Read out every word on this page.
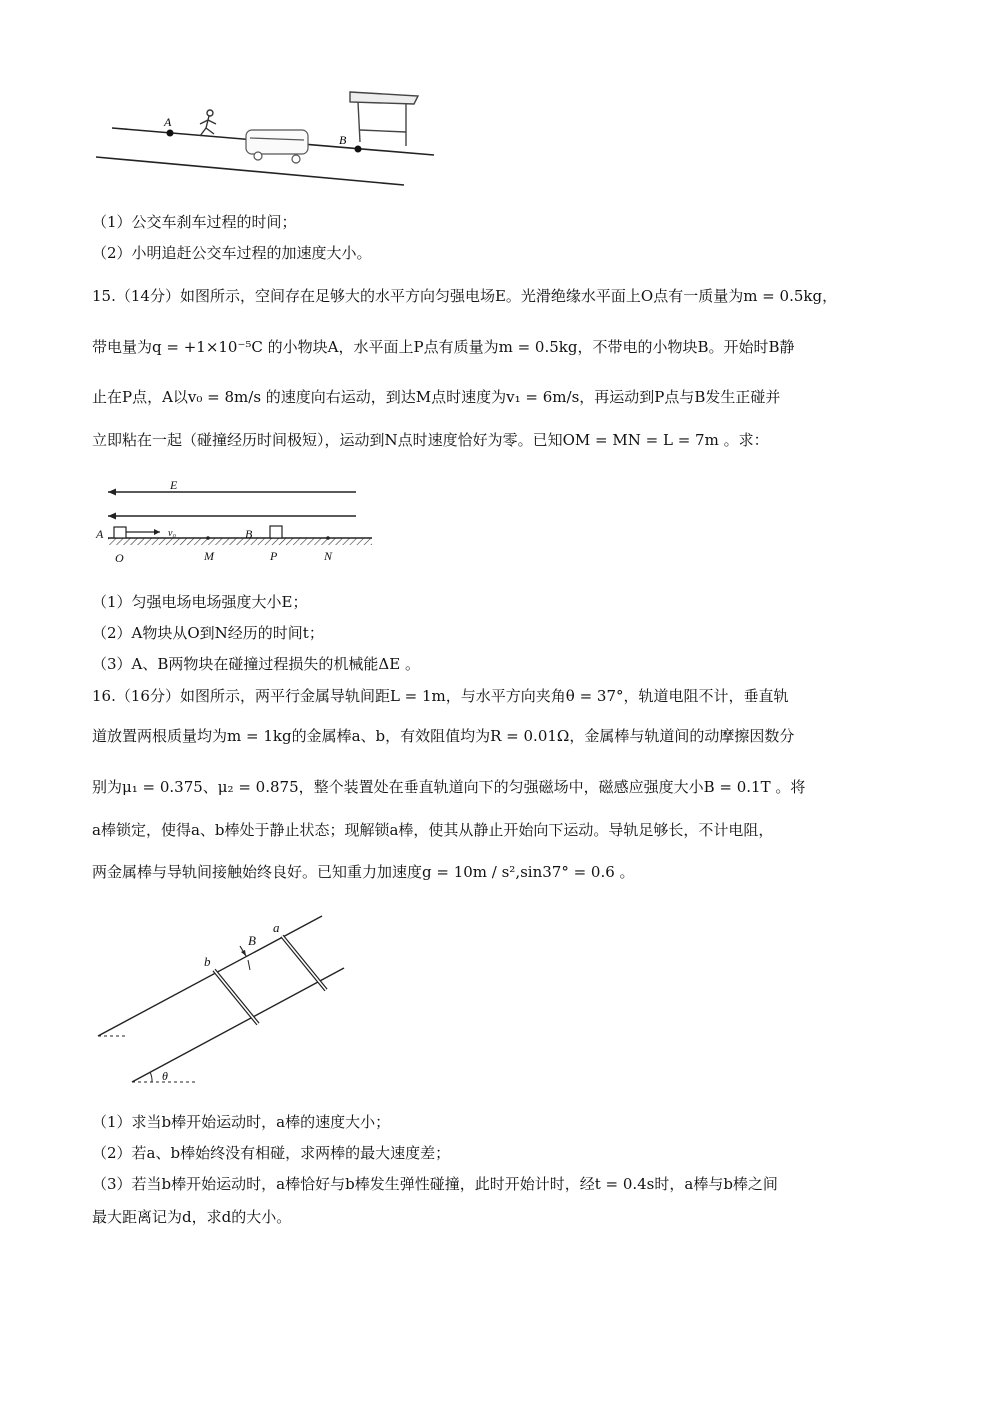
A
B
（1）公交车刹车过程的时间；
（2）小明追赶公交车过程的加速度大小。
15.（14分）如图所示，空间存在足够大的水平方向匀强电场E。光滑绝缘水平面上O点有一质量为m = 0.5kg，
带电量为q = +1×10⁻⁵C 的小物块A，水平面上P点有质量为m = 0.5kg，不带电的小物块B。开始时B静
止在P点，A以v₀ = 8m/s 的速度向右运动，到达M点时速度为v₁ = 6m/s，再运动到P点与B发生正碰并
立即粘在一起（碰撞经历时间极短），运动到N点时速度恰好为零。已知OM = MN = L = 7m 。求：
E
A	v₀	B
O	M	P	N
（1）匀强电场电场强度大小E；
（2）A物块从O到N经历的时间t；
（3）A、B两物块在碰撞过程损失的机械能ΔE 。
16.（16分）如图所示，两平行金属导轨间距L = 1m，与水平方向夹角θ = 37°，轨道电阻不计，垂直轨
道放置两根质量均为m = 1kg的金属棒a、b，有效阻值均为R = 0.01Ω，金属棒与轨道间的动摩擦因数分
别为μ₁ = 0.375、μ₂ = 0.875，整个装置处在垂直轨道向下的匀强磁场中，磁感应强度大小B = 0.1T 。将
a棒锁定，使得a、b棒处于静止状态；现解锁a棒，使其从静止开始向下运动。导轨足够长，不计电阻，
两金属棒与导轨间接触始终良好。已知重力加速度g = 10m / s²,sin37° = 0.6 。
a
b
B
θ
（1）求当b棒开始运动时，a棒的速度大小；
（2）若a、b棒始终没有相碰，求两棒的最大速度差；
（3）若当b棒开始运动时，a棒恰好与b棒发生弹性碰撞，此时开始计时，经t = 0.4s时，a棒与b棒之间
最大距离记为d，求d的大小。
